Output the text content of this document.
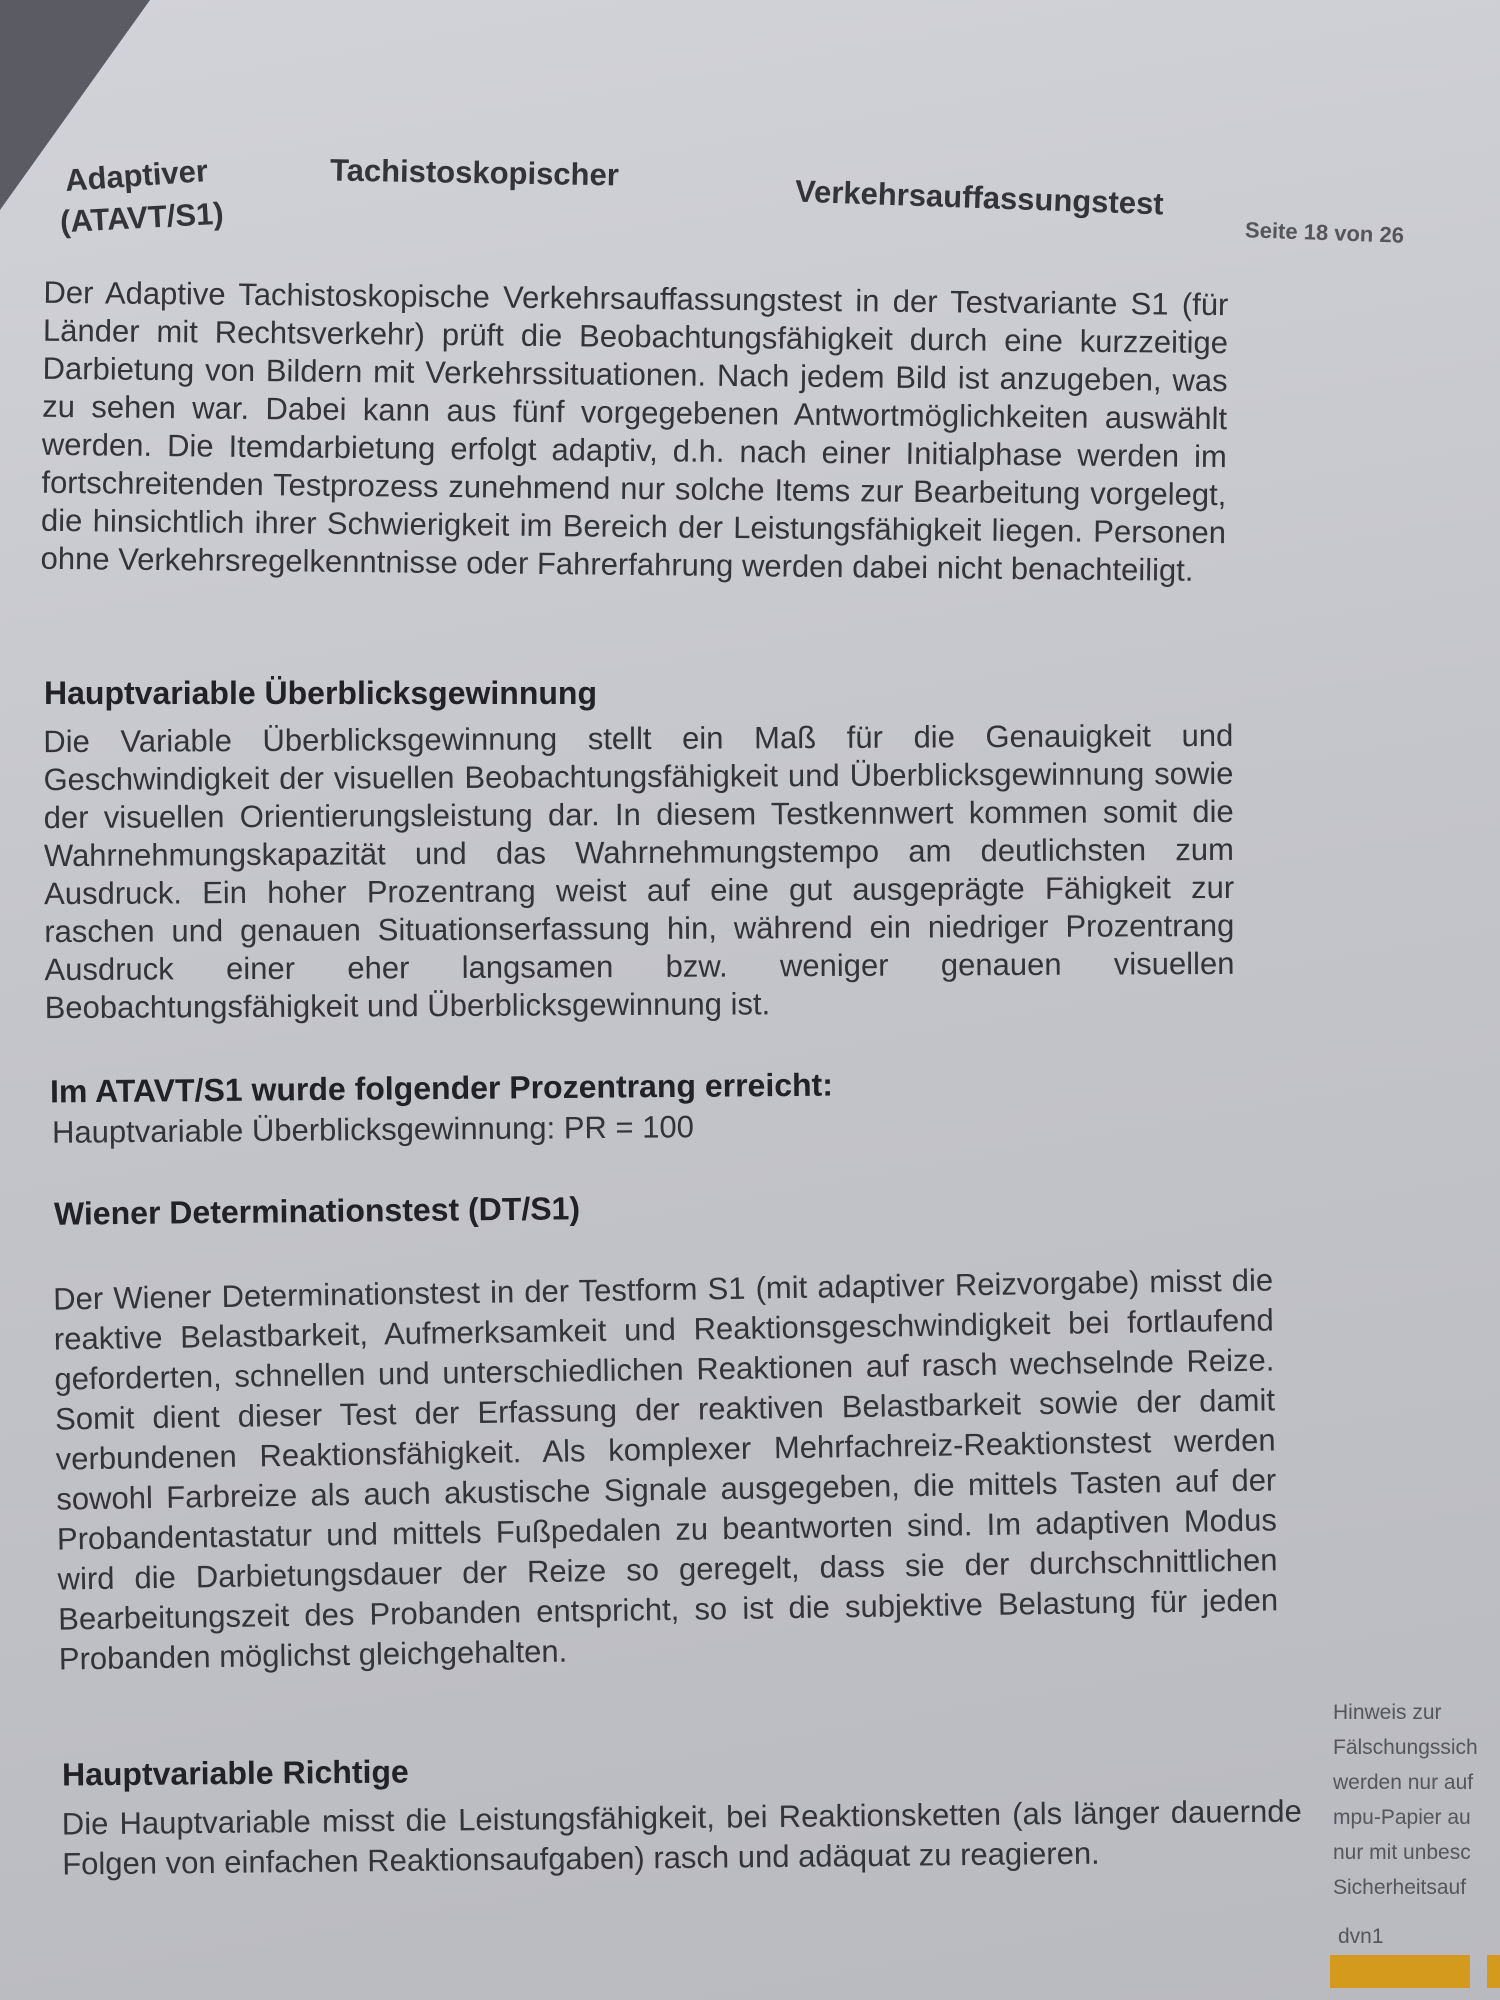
Adaptiver
(ATAVT/S1)
Tachistoskopischer
Verkehrsauffassungstest
Seite 18 von 26
Der Adaptive Tachistoskopische Verkehrsauffassungstest in der Testvariante S1 (für Länder mit Rechtsverkehr) prüft die Beobachtungsfähigkeit durch eine kurzzeitige Darbietung von Bildern mit Verkehrssituationen. Nach jedem Bild ist anzugeben, was zu sehen war. Dabei kann aus fünf vorgegebenen Antwortmöglichkeiten auswählt werden. Die Itemdarbietung erfolgt adaptiv, d.h. nach einer Initialphase werden im fortschreitenden Testprozess zunehmend nur solche Items zur Bearbeitung vorgelegt, die hinsichtlich ihrer Schwierigkeit im Bereich der Leistungsfähigkeit liegen. Personen ohne Verkehrsregelkenntnisse oder Fahrerfahrung werden dabei nicht benachteiligt.
Hauptvariable Überblicksgewinnung
Die Variable Überblicksgewinnung stellt ein Maß für die Genauigkeit und Geschwindigkeit der visuellen Beobachtungsfähigkeit und Überblicksgewinnung sowie der visuellen Orientierungsleistung dar. In diesem Testkennwert kommen somit die Wahrnehmungskapazität und das Wahrnehmungstempo am deutlichsten zum Ausdruck. Ein hoher Prozentrang weist auf eine gut ausgeprägte Fähigkeit zur raschen und genauen Situationserfassung hin, während ein niedriger Prozentrang Ausdruck einer eher langsamen bzw. weniger genauen visuellen Beobachtungsfähigkeit und Überblicksgewinnung ist.
Im ATAVT/S1 wurde folgender Prozentrang erreicht:
Hauptvariable Überblicksgewinnung: PR = 100
Wiener Determinationstest (DT/S1)
Der Wiener Determinationstest in der Testform S1 (mit adaptiver Reizvorgabe) misst die reaktive Belastbarkeit, Aufmerksamkeit und Reaktionsgeschwindigkeit bei fortlaufend geforderten, schnellen und unterschiedlichen Reaktionen auf rasch wechselnde Reize. Somit dient dieser Test der Erfassung der reaktiven Belastbarkeit sowie der damit verbundenen Reaktionsfähigkeit. Als komplexer Mehrfachreiz-Reaktionstest werden sowohl Farbreize als auch akustische Signale ausgegeben, die mittels Tasten auf der Probandentastatur und mittels Fußpedalen zu beantworten sind. Im adaptiven Modus wird die Darbietungsdauer der Reize so geregelt, dass sie der durchschnittlichen Bearbeitungszeit des Probanden entspricht, so ist die subjektive Belastung für jeden Probanden möglichst gleichgehalten.
Hauptvariable Richtige
Die Hauptvariable misst die Leistungsfähigkeit, bei Reaktionsketten (als länger dauernde Folgen von einfachen Reaktionsaufgaben) rasch und adäquat zu reagieren.
Hinweis zur
Fälschungssich
werden nur auf
mpu-Papier au
nur mit unbesc
Sicherheitsauf
dvn1
